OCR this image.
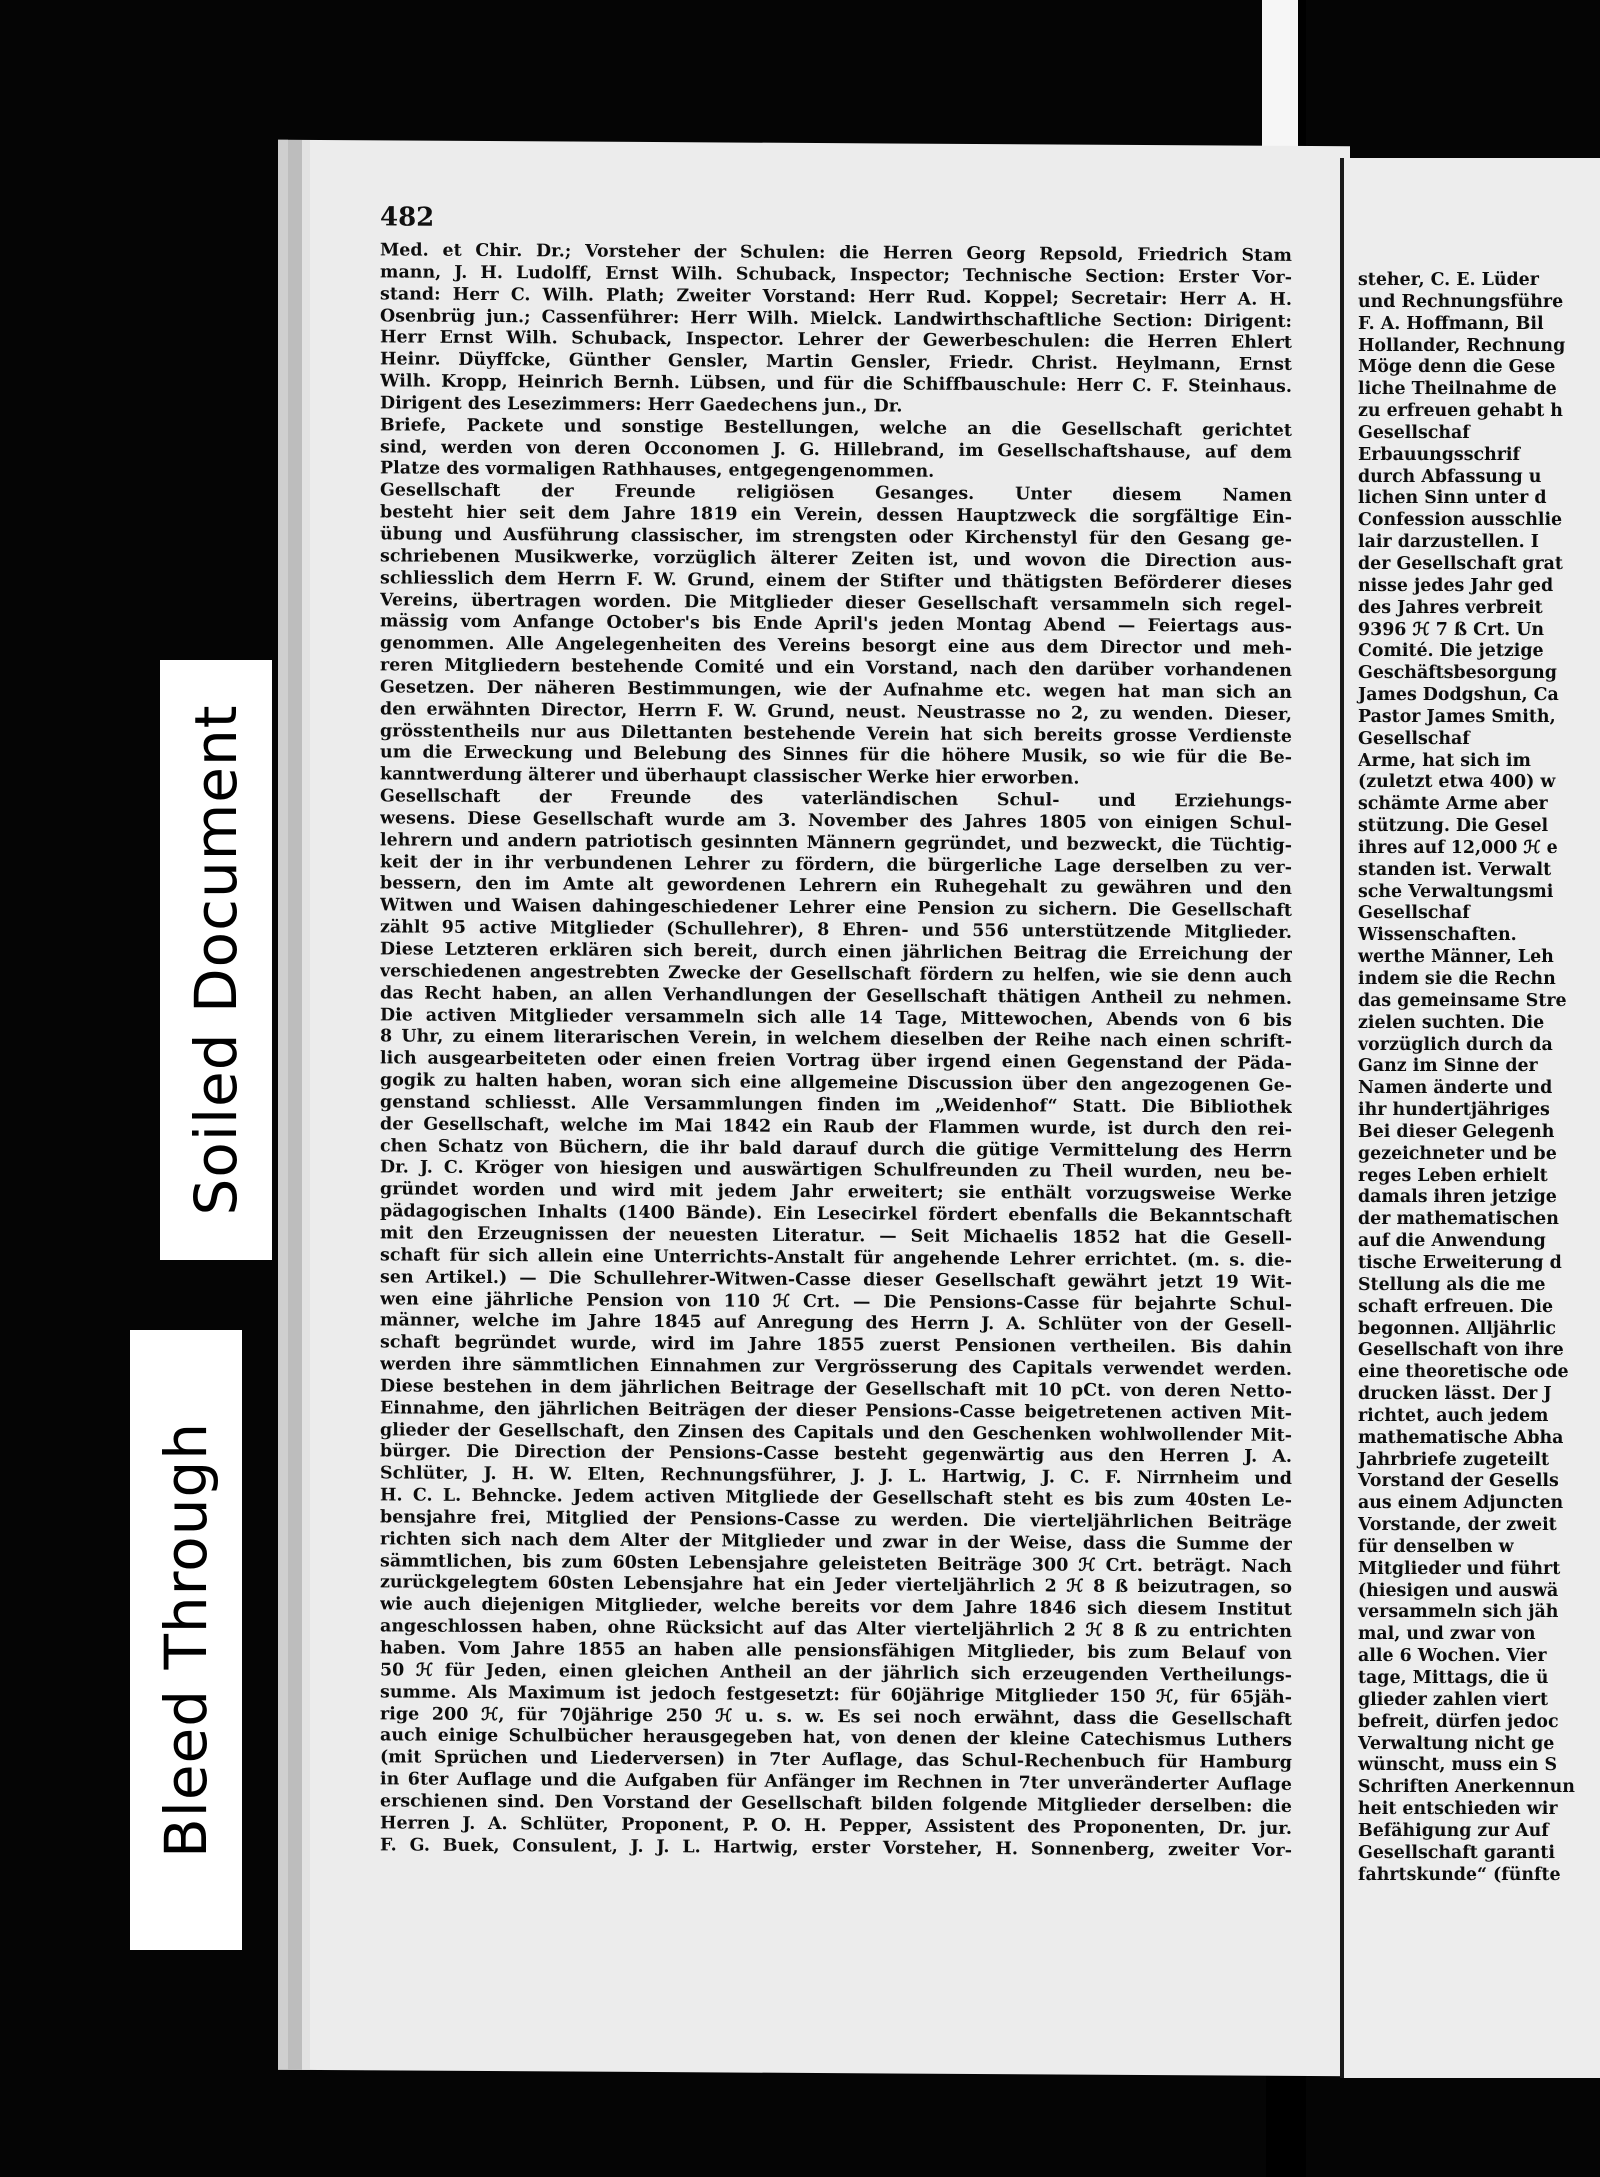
482
Med. et Chir. Dr.; Vorsteher der Schulen: die Herren Georg Repsold, Friedrich Stam
mann, J. H. Ludolff, Ernst Wilh. Schuback, Inspector; Technische Section: Erster Vor-
stand: Herr C. Wilh. Plath; Zweiter Vorstand: Herr Rud. Koppel; Secretair: Herr A. H.
Osenbrüg jun.; Cassenführer: Herr Wilh. Mielck. Landwirthschaftliche Section: Dirigent:
Herr Ernst Wilh. Schuback, Inspector. Lehrer der Gewerbeschulen: die Herren Ehlert
Heinr. Düyffcke, Günther Gensler, Martin Gensler, Friedr. Christ. Heylmann, Ernst
Wilh. Kropp, Heinrich Bernh. Lübsen, und für die Schiffbauschule: Herr C. F. Steinhaus.
Dirigent des Lesezimmers: Herr Gaedechens jun., Dr.
Briefe, Packete und sonstige Bestellungen, welche an die Gesellschaft gerichtet
sind, werden von deren Occonomen J. G. Hillebrand, im Gesellschaftshause, auf dem
Platze des vormaligen Rathhauses, entgegengenommen.
Gesellschaft der Freunde religiösen Gesanges. Unter diesem Namen
besteht hier seit dem Jahre 1819 ein Verein, dessen Hauptzweck die sorgfältige Ein-
übung und Ausführung classischer, im strengsten oder Kirchenstyl für den Gesang ge-
schriebenen Musikwerke, vorzüglich älterer Zeiten ist, und wovon die Direction aus-
schliesslich dem Herrn F. W. Grund, einem der Stifter und thätigsten Beförderer dieses
Vereins, übertragen worden. Die Mitglieder dieser Gesellschaft versammeln sich regel-
mässig vom Anfange October's bis Ende April's jeden Montag Abend — Feiertags aus-
genommen. Alle Angelegenheiten des Vereins besorgt eine aus dem Director und meh-
reren Mitgliedern bestehende Comité und ein Vorstand, nach den darüber vorhandenen
Gesetzen. Der näheren Bestimmungen, wie der Aufnahme etc. wegen hat man sich an
den erwähnten Director, Herrn F. W. Grund, neust. Neustrasse no 2, zu wenden. Dieser,
grösstentheils nur aus Dilettanten bestehende Verein hat sich bereits grosse Verdienste
um die Erweckung und Belebung des Sinnes für die höhere Musik, so wie für die Be-
kanntwerdung älterer und überhaupt classischer Werke hier erworben.
Gesellschaft der Freunde des vaterländischen Schul- und Erziehungs-
wesens. Diese Gesellschaft wurde am 3. November des Jahres 1805 von einigen Schul-
lehrern und andern patriotisch gesinnten Männern gegründet, und bezweckt, die Tüchtig-
keit der in ihr verbundenen Lehrer zu fördern, die bürgerliche Lage derselben zu ver-
bessern, den im Amte alt gewordenen Lehrern ein Ruhegehalt zu gewähren und den
Witwen und Waisen dahingeschiedener Lehrer eine Pension zu sichern. Die Gesellschaft
zählt 95 active Mitglieder (Schullehrer), 8 Ehren- und 556 unterstützende Mitglieder.
Diese Letzteren erklären sich bereit, durch einen jährlichen Beitrag die Erreichung der
verschiedenen angestrebten Zwecke der Gesellschaft fördern zu helfen, wie sie denn auch
das Recht haben, an allen Verhandlungen der Gesellschaft thätigen Antheil zu nehmen.
Die activen Mitglieder versammeln sich alle 14 Tage, Mittewochen, Abends von 6 bis
8 Uhr, zu einem literarischen Verein, in welchem dieselben der Reihe nach einen schrift-
lich ausgearbeiteten oder einen freien Vortrag über irgend einen Gegenstand der Päda-
gogik zu halten haben, woran sich eine allgemeine Discussion über den angezogenen Ge-
genstand schliesst. Alle Versammlungen finden im „Weidenhof“ Statt. Die Bibliothek
der Gesellschaft, welche im Mai 1842 ein Raub der Flammen wurde, ist durch den rei-
chen Schatz von Büchern, die ihr bald darauf durch die gütige Vermittelung des Herrn
Dr. J. C. Kröger von hiesigen und auswärtigen Schulfreunden zu Theil wurden, neu be-
gründet worden und wird mit jedem Jahr erweitert; sie enthält vorzugsweise Werke
pädagogischen Inhalts (1400 Bände). Ein Lesecirkel fördert ebenfalls die Bekanntschaft
mit den Erzeugnissen der neuesten Literatur. — Seit Michaelis 1852 hat die Gesell-
schaft für sich allein eine Unterrichts-Anstalt für angehende Lehrer errichtet. (m. s. die-
sen Artikel.) — Die Schullehrer-Witwen-Casse dieser Gesellschaft gewährt jetzt 19 Wit-
wen eine jährliche Pension von 110 ℋ Crt. — Die Pensions-Casse für bejahrte Schul-
männer, welche im Jahre 1845 auf Anregung des Herrn J. A. Schlüter von der Gesell-
schaft begründet wurde, wird im Jahre 1855 zuerst Pensionen vertheilen. Bis dahin
werden ihre sämmtlichen Einnahmen zur Vergrösserung des Capitals verwendet werden.
Diese bestehen in dem jährlichen Beitrage der Gesellschaft mit 10 pCt. von deren Netto-
Einnahme, den jährlichen Beiträgen der dieser Pensions-Casse beigetretenen activen Mit-
glieder der Gesellschaft, den Zinsen des Capitals und den Geschenken wohlwollender Mit-
bürger. Die Direction der Pensions-Casse besteht gegenwärtig aus den Herren J. A.
Schlüter, J. H. W. Elten, Rechnungsführer, J. J. L. Hartwig, J. C. F. Nirrnheim und
H. C. L. Behncke. Jedem activen Mitgliede der Gesellschaft steht es bis zum 40sten Le-
bensjahre frei, Mitglied der Pensions-Casse zu werden. Die vierteljährlichen Beiträge
richten sich nach dem Alter der Mitglieder und zwar in der Weise, dass die Summe der
sämmtlichen, bis zum 60sten Lebensjahre geleisteten Beiträge 300 ℋ Crt. beträgt. Nach
zurückgelegtem 60sten Lebensjahre hat ein Jeder vierteljährlich 2 ℋ 8 ß beizutragen, so
wie auch diejenigen Mitglieder, welche bereits vor dem Jahre 1846 sich diesem Institut
angeschlossen haben, ohne Rücksicht auf das Alter vierteljährlich 2 ℋ 8 ß zu entrichten
haben. Vom Jahre 1855 an haben alle pensionsfähigen Mitglieder, bis zum Belauf von
50 ℋ für Jeden, einen gleichen Antheil an der jährlich sich erzeugenden Vertheilungs-
summe. Als Maximum ist jedoch festgesetzt: für 60jährige Mitglieder 150 ℋ, für 65jäh-
rige 200 ℋ, für 70jährige 250 ℋ u. s. w. Es sei noch erwähnt, dass die Gesellschaft
auch einige Schulbücher herausgegeben hat, von denen der kleine Catechismus Luthers
(mit Sprüchen und Liederversen) in 7ter Auflage, das Schul-Rechenbuch für Hamburg
in 6ter Auflage und die Aufgaben für Anfänger im Rechnen in 7ter unveränderter Auflage
erschienen sind. Den Vorstand der Gesellschaft bilden folgende Mitglieder derselben: die
Herren J. A. Schlüter, Proponent, P. O. H. Pepper, Assistent des Proponenten, Dr. jur.
F. G. Buek, Consulent, J. J. L. Hartwig, erster Vorsteher, H. Sonnenberg, zweiter Vor-
steher, C. E. Lüder
und Rechnungsführe
F. A. Hoffmann, Bil
Hollander, Rechnung
Möge denn die Gese
liche Theilnahme de
zu erfreuen gehabt h
Gesellschaf
Erbauungsschrif
durch Abfassung u
lichen Sinn unter d
Confession ausschlie
lair darzustellen. I
der Gesellschaft grat
nisse jedes Jahr ged
des Jahres verbreit
9396 ℋ 7 ß Crt. Un
Comité. Die jetzige
Geschäftsbesorgung
James Dodgshun, Ca
Pastor James Smith,
Gesellschaf
Arme, hat sich im
(zuletzt etwa 400) w
schämte Arme aber
stützung. Die Gesel
ihres auf 12,000 ℋ e
standen ist. Verwalt
sche Verwaltungsmi
Gesellschaf
Wissenschaften.
werthe Männer, Leh
indem sie die Rechn
das gemeinsame Stre
zielen suchten. Die
vorzüglich durch da
Ganz im Sinne der
Namen änderte und
ihr hundertjähriges
Bei dieser Gelegenh
gezeichneter und be
reges Leben erhielt
damals ihren jetzige
der mathematischen
auf die Anwendung
tische Erweiterung d
Stellung als die me
schaft erfreuen. Die
begonnen. Alljährlic
Gesellschaft von ihre
eine theoretische ode
drucken lässt. Der J
richtet, auch jedem
mathematische Abha
Jahrbriefe zugeteilt
Vorstand der Gesells
aus einem Adjuncten
Vorstande, der zweit
für denselben w
Mitglieder und führt
(hiesigen und auswä
versammeln sich jäh
mal, und zwar von
alle 6 Wochen. Vier
tage, Mittags, die ü
glieder zahlen viert
befreit, dürfen jedoc
Verwaltung nicht ge
wünscht, muss ein S
Schriften Anerkennun
heit entschieden wir
Befähigung zur Auf
Gesellschaft garanti
fahrtskunde“ (fünfte
Soiled Document
Bleed Through
